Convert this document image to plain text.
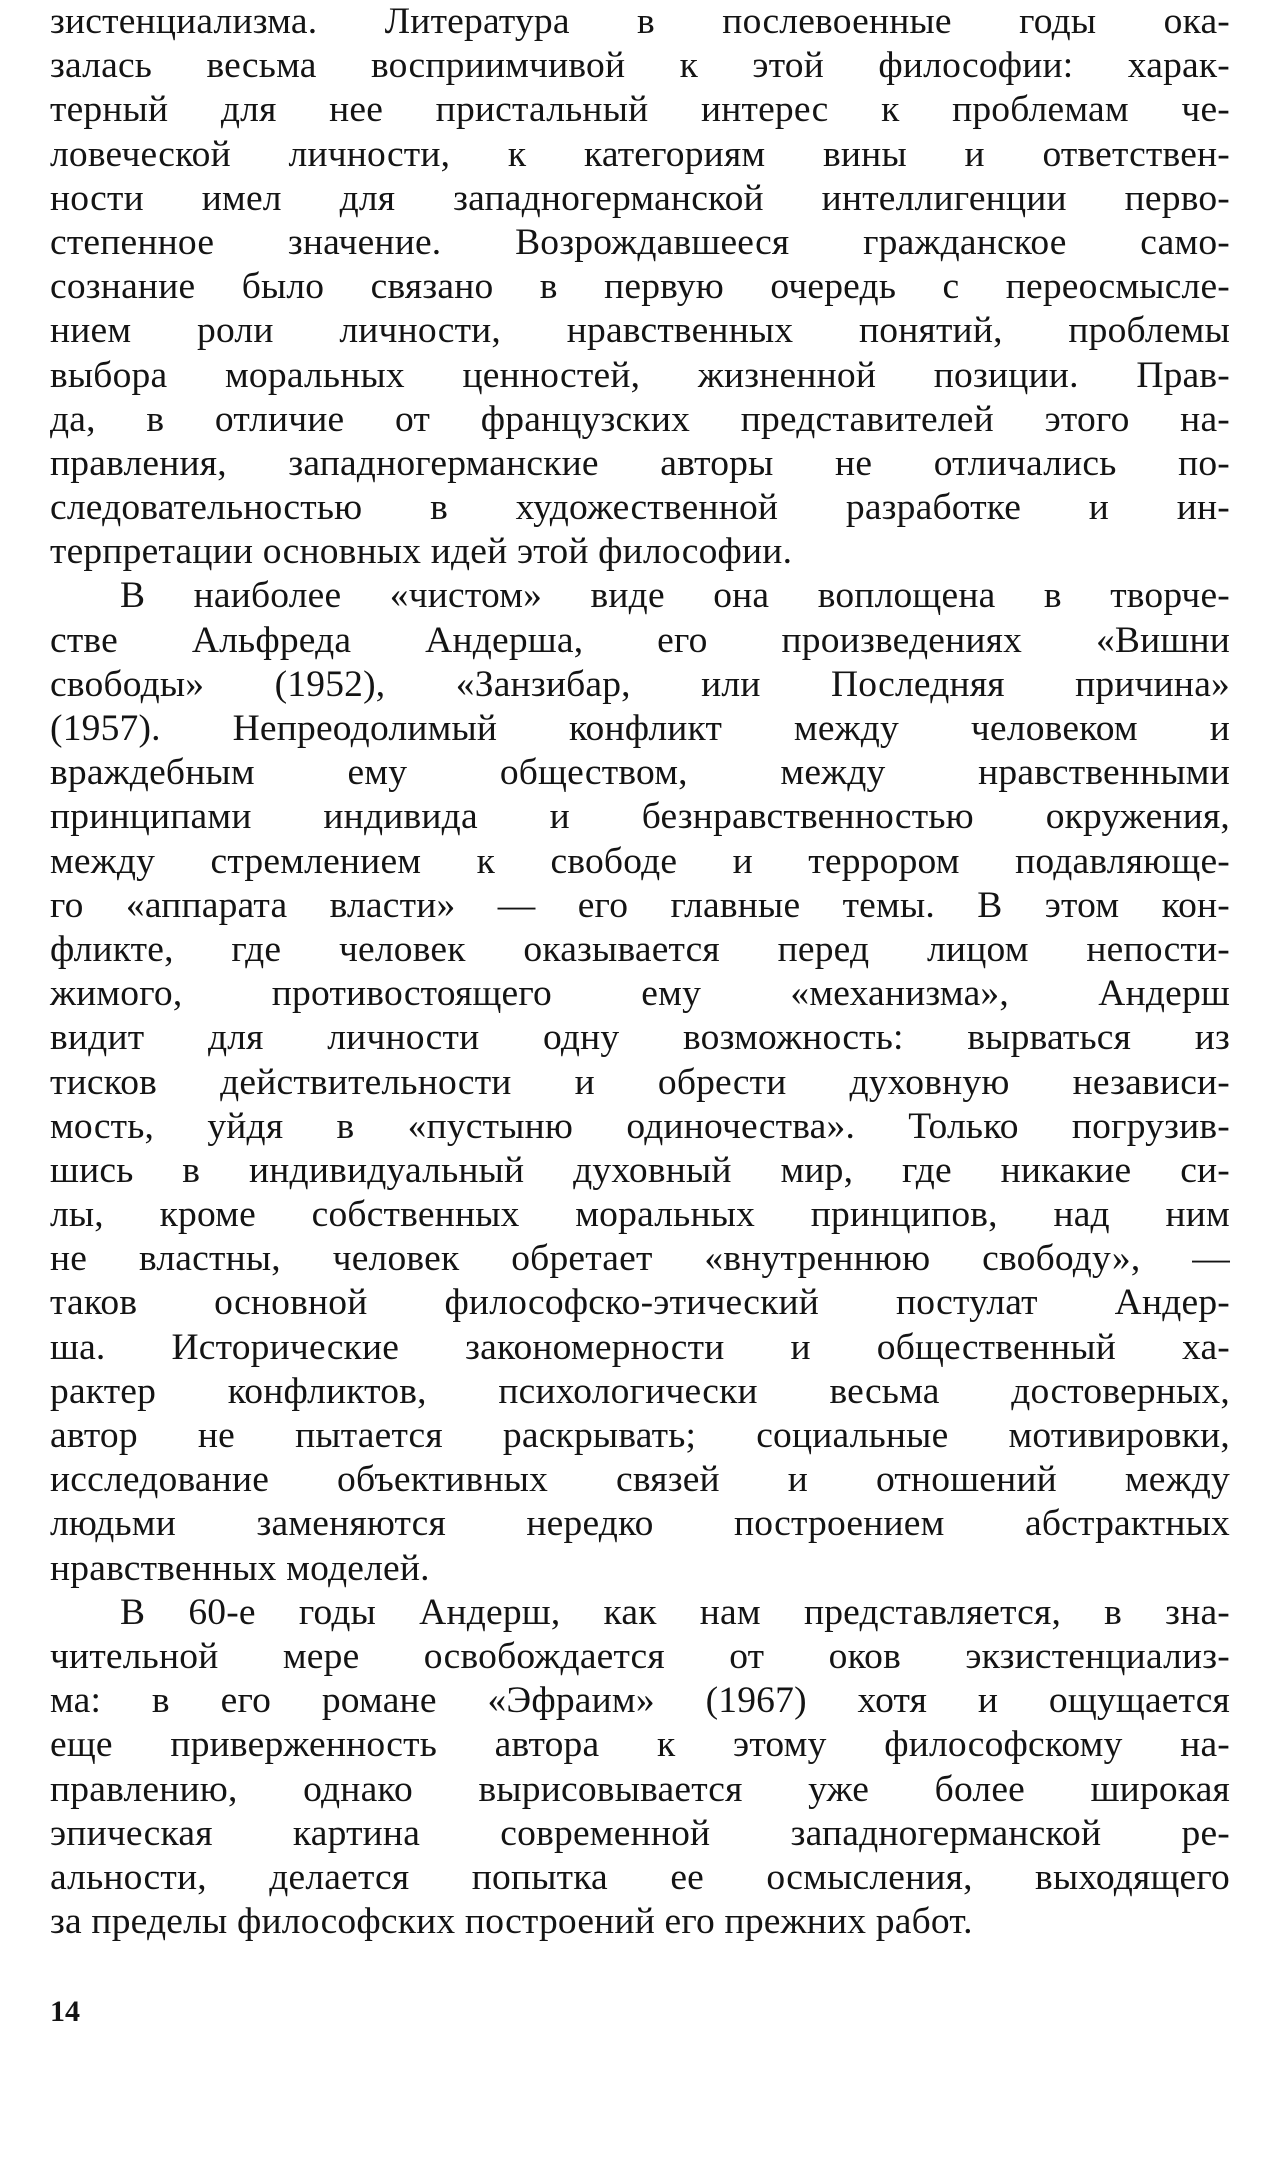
зистенциализма. Литература в послевоенные годы ока-
залась весьма восприимчивой к этой философии: харак-
терный для нее пристальный интерес к проблемам че-
ловеческой личности, к категориям вины и ответствен-
ности имел для западногерманской интеллигенции перво-
степенное значение. Возрождавшееся гражданское само-
сознание было связано в первую очередь с переосмысле-
нием роли личности, нравственных понятий, проблемы
выбора моральных ценностей, жизненной позиции. Прав-
да, в отличие от французских представителей этого на-
правления, западногерманские авторы не отличались по-
следовательностью в художественной разработке и ин-
терпретации основных идей этой философии.
В наиболее «чистом» виде она воплощена в творче-
стве Альфреда Андерша, его произведениях «Вишни
свободы» (1952), «Занзибар, или Последняя причина»
(1957). Непреодолимый конфликт между человеком и
враждебным ему обществом, между нравственными
принципами индивида и безнравственностью окружения,
между стремлением к свободе и террором подавляюще-
го «аппарата власти» — его главные темы. В этом кон-
фликте, где человек оказывается перед лицом непости-
жимого, противостоящего ему «механизма», Андерш
видит для личности одну возможность: вырваться из
тисков действительности и обрести духовную независи-
мость, уйдя в «пустыню одиночества». Только погрузив-
шись в индивидуальный духовный мир, где никакие си-
лы, кроме собственных моральных принципов, над ним
не властны, человек обретает «внутреннюю свободу», —
таков основной философско-этический постулат Андер-
ша. Исторические закономерности и общественный ха-
рактер конфликтов, психологически весьма достоверных,
автор не пытается раскрывать; социальные мотивировки,
исследование объективных связей и отношений между
людьми заменяются нередко построением абстрактных
нравственных моделей.
В 60-е годы Андерш, как нам представляется, в зна-
чительной мере освобождается от оков экзистенциализ-
ма: в его романе «Эфраим» (1967) хотя и ощущается
еще приверженность автора к этому философскому на-
правлению, однако вырисовывается уже более широкая
эпическая картина современной западногерманской ре-
альности, делается попытка ее осмысления, выходящего
за пределы философских построений его прежних работ.
14
